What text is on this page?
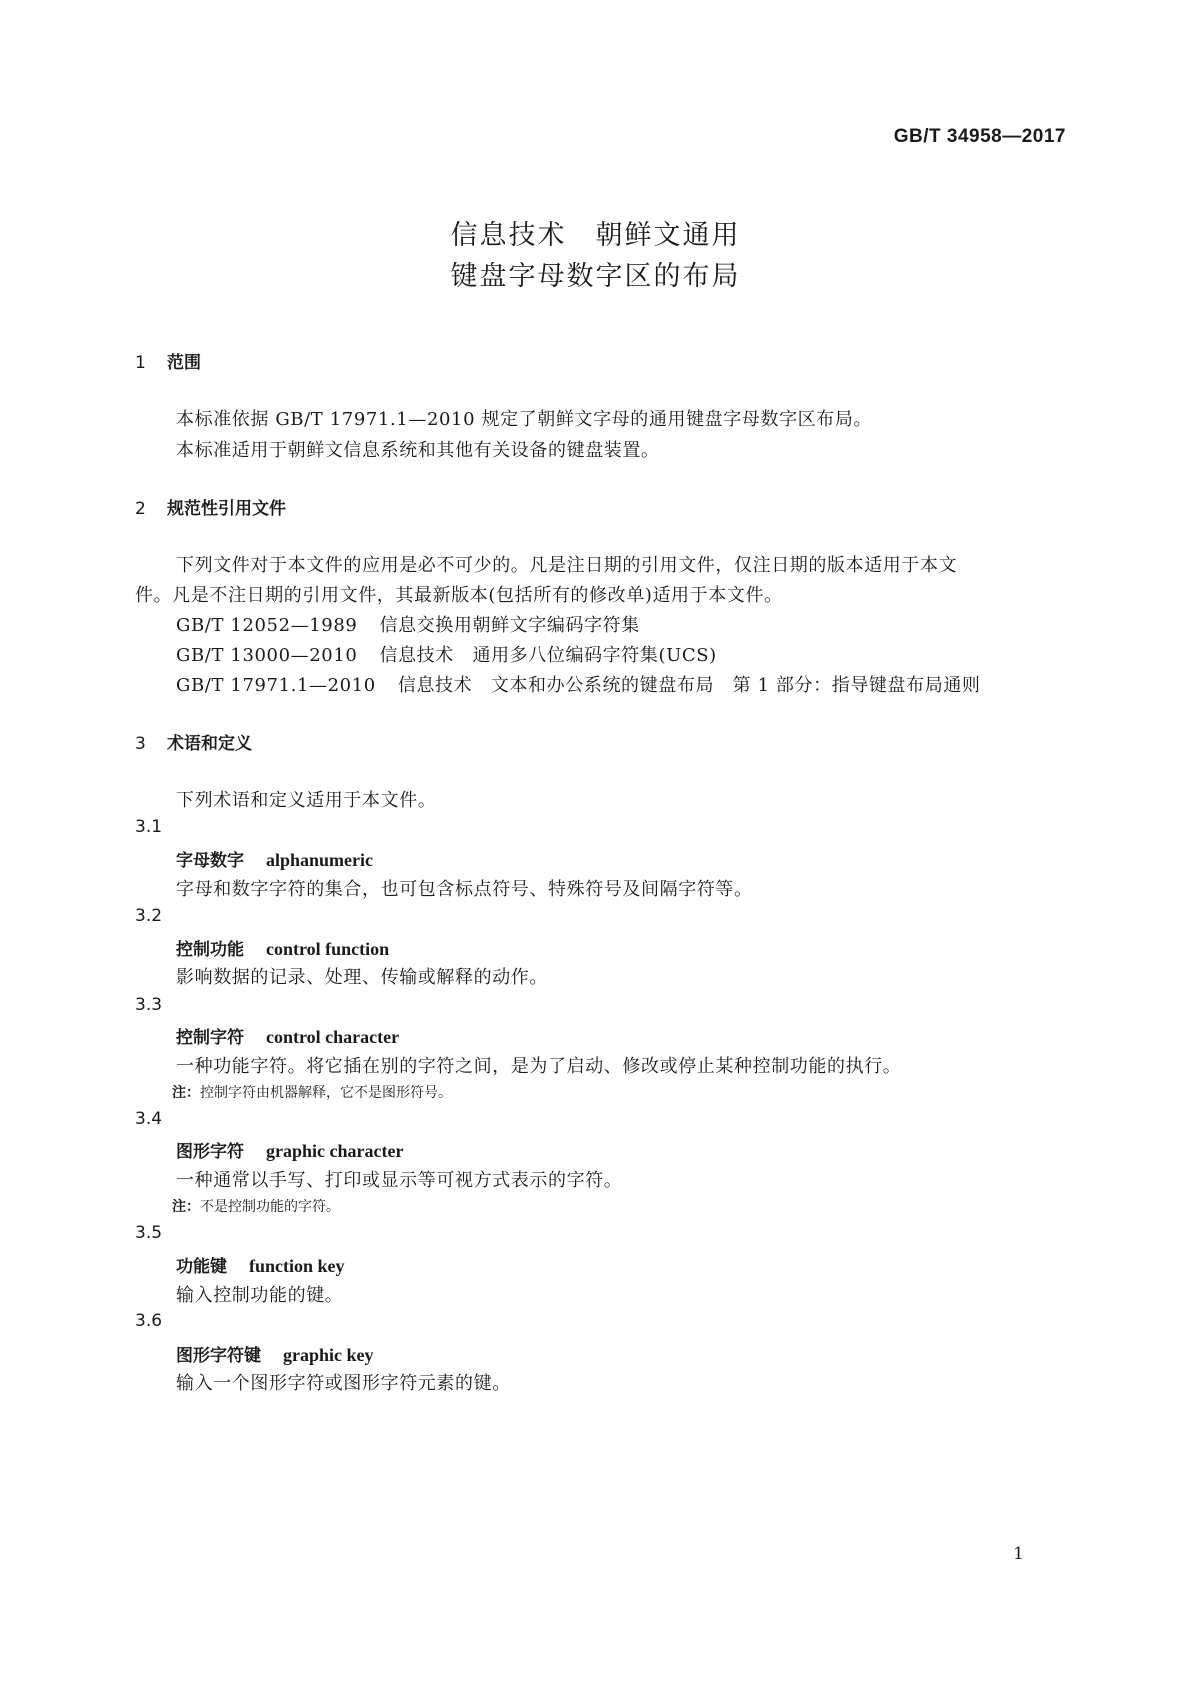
GB/T 34958—2017
信息技术　朝鲜文通用
键盘字母数字区的布局
1 范围
本标准依据 GB/T 17971.1—2010 规定了朝鲜文字母的通用键盘字母数字区布局。
本标准适用于朝鲜文信息系统和其他有关设备的键盘装置。
2 规范性引用文件
下列文件对于本文件的应用是必不可少的。凡是注日期的引用文件，仅注日期的版本适用于本文
件。凡是不注日期的引用文件，其最新版本(包括所有的修改单)适用于本文件。
GB/T 12052—1989 信息交换用朝鲜文字编码字符集
GB/T 13000—2010 信息技术　通用多八位编码字符集(UCS)
GB/T 17971.1—2010 信息技术　文本和办公系统的键盘布局　第 1 部分：指导键盘布局通则
3 术语和定义
下列术语和定义适用于本文件。
3.1
字母数字 alphanumeric
字母和数字字符的集合，也可包含标点符号、特殊符号及间隔字符等。
3.2
控制功能 control function
影响数据的记录、处理、传输或解释的动作。
3.3
控制字符 control character
一种功能字符。将它插在别的字符之间，是为了启动、修改或停止某种控制功能的执行。
注：控制字符由机器解释，它不是图形符号。
3.4
图形字符 graphic character
一种通常以手写、打印或显示等可视方式表示的字符。
注：不是控制功能的字符。
3.5
功能键 function key
输入控制功能的键。
3.6
图形字符键 graphic key
输入一个图形字符或图形字符元素的键。
1
